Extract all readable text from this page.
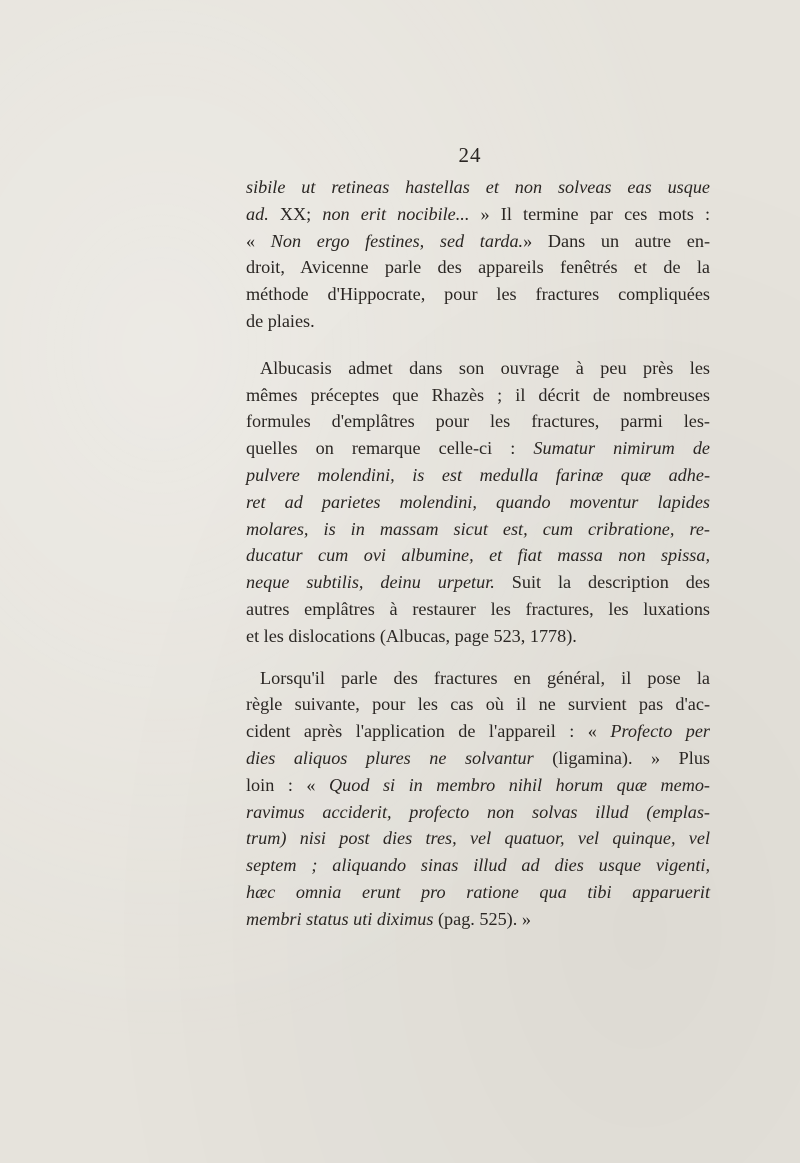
24
sibile ut retineas hastellas et non solveas eas usque
ad. XX; non erit nocibile... » Il termine par ces mots :
« Non ergo festines, sed tarda.» Dans un autre en-
droit, Avicenne parle des appareils fenêtrés et de la
méthode d'Hippocrate, pour les fractures compliquées
de plaies.
Albucasis admet dans son ouvrage à peu près les
mêmes préceptes que Rhazès ; il décrit de nombreuses
formules d'emplâtres pour les fractures, parmi les-
quelles on remarque celle-ci : Sumatur nimirum de
pulvere molendini, is est medulla farinæ quæ adhe-
ret ad parietes molendini, quando moventur lapides
molares, is in massam sicut est, cum cribratione, re-
ducatur cum ovi albumine, et fiat massa non spissa,
neque subtilis, deinu urpetur. Suit la description des
autres emplâtres à restaurer les fractures, les luxations
et les dislocations (Albucas, page 523, 1778).
Lorsqu'il parle des fractures en général, il pose la
règle suivante, pour les cas où il ne survient pas d'ac-
cident après l'application de l'appareil : « Profecto per
dies aliquos plures ne solvantur (ligamina). » Plus
loin : « Quod si in membro nihil horum quæ memo-
ravimus acciderit, profecto non solvas illud (emplas-
trum) nisi post dies tres, vel quatuor, vel quinque, vel
septem ; aliquando sinas illud ad dies usque vigenti,
hæc omnia erunt pro ratione qua tibi apparuerit
membri status uti diximus (pag. 525). »
